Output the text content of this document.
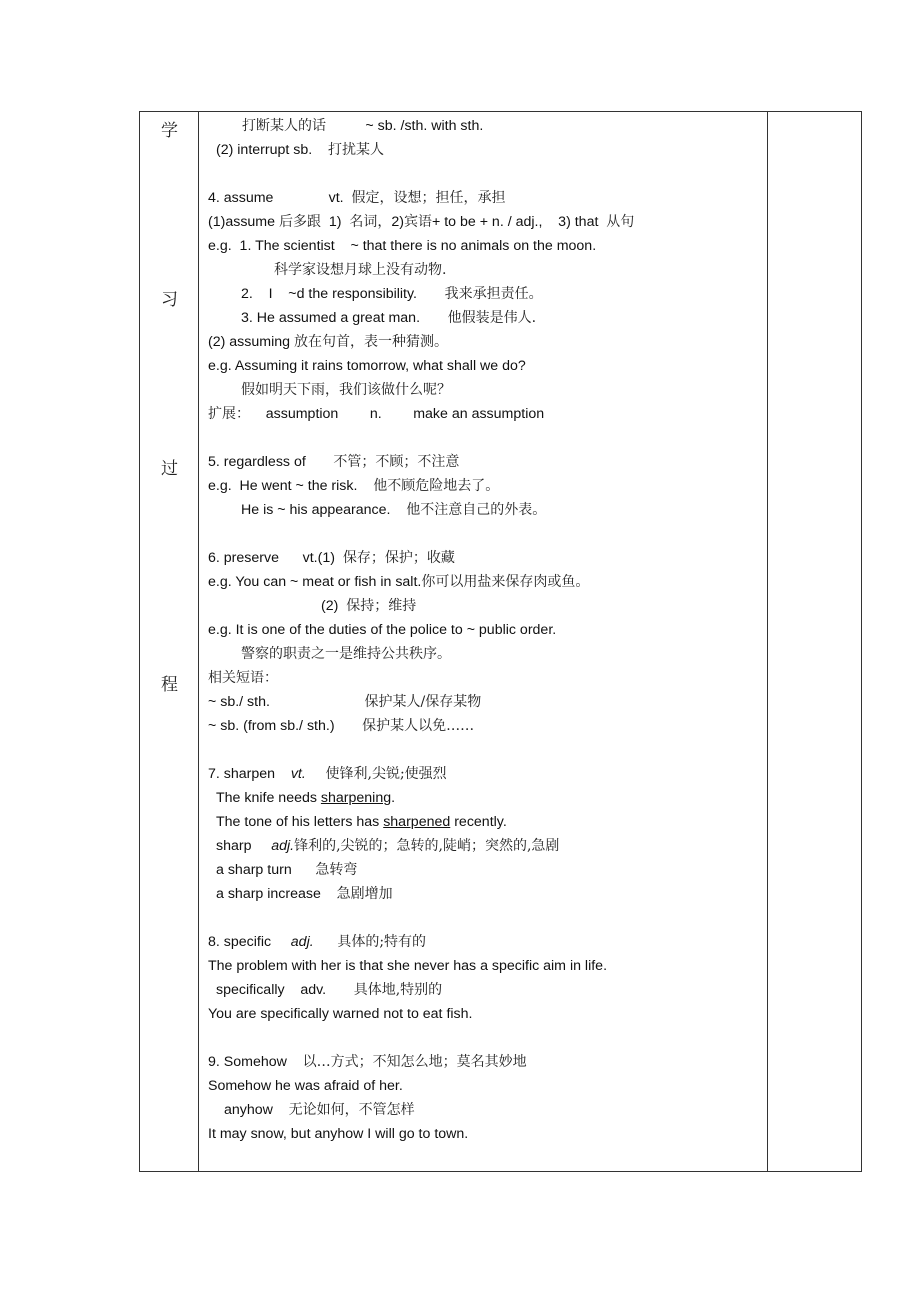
学
习
过
程
打断某人的话          ~ sb. /sth. with sth.
(2) interrupt sb.    打扰某人
4. assume              vt.  假定，设想；担任，承担
(1)assume 后多跟  1)  名词，2)宾语+ to be + n. / adj.,    3) that  从句
e.g.  1. The scientist    ~ that there is no animals on the moon.
科学家设想月球上没有动物.
2.    I    ~d the responsibility.       我来承担责任。
3. He assumed a great man.       他假装是伟人.
(2) assuming 放在句首，表一种猜测。
e.g. Assuming it rains tomorrow, what shall we do?
假如明天下雨，我们该做什么呢？
扩展：    assumption        n.        make an assumption
5. regardless of       不管；不顾；不注意
e.g.  He went ~ the risk.    他不顾危险地去了。
He is ~ his appearance.    他不注意自己的外表。
6. preserve      vt.(1)  保存；保护；收藏
e.g. You can ~ meat or fish in salt.你可以用盐来保存肉或鱼。
(2)  保持；维持
e.g. It is one of the duties of the police to ~ public order.
警察的职责之一是维持公共秩序。
相关短语：
~ sb./ sth.                        保护某人/保存某物
~ sb. (from sb./ sth.)       保护某人以免……
7. sharpen    vt. 使锋利,尖锐;使强烈
The knife needs sharpening.
The tone of his letters has sharpened recently.
sharp     adj.锋利的,尖锐的；急转的,陡峭；突然的,急剧
a sharp turn      急转弯
a sharp increase    急剧增加
8. specific     adj. 具体的;特有的
The problem with her is that she never has a specific aim in life.
specifically    adv.       具体地,特别的
You are specifically warned not to eat fish.
9. Somehow    以…方式；不知怎么地；莫名其妙地
Somehow he was afraid of her.
anyhow    无论如何，不管怎样
It may snow, but anyhow I will go to town.
